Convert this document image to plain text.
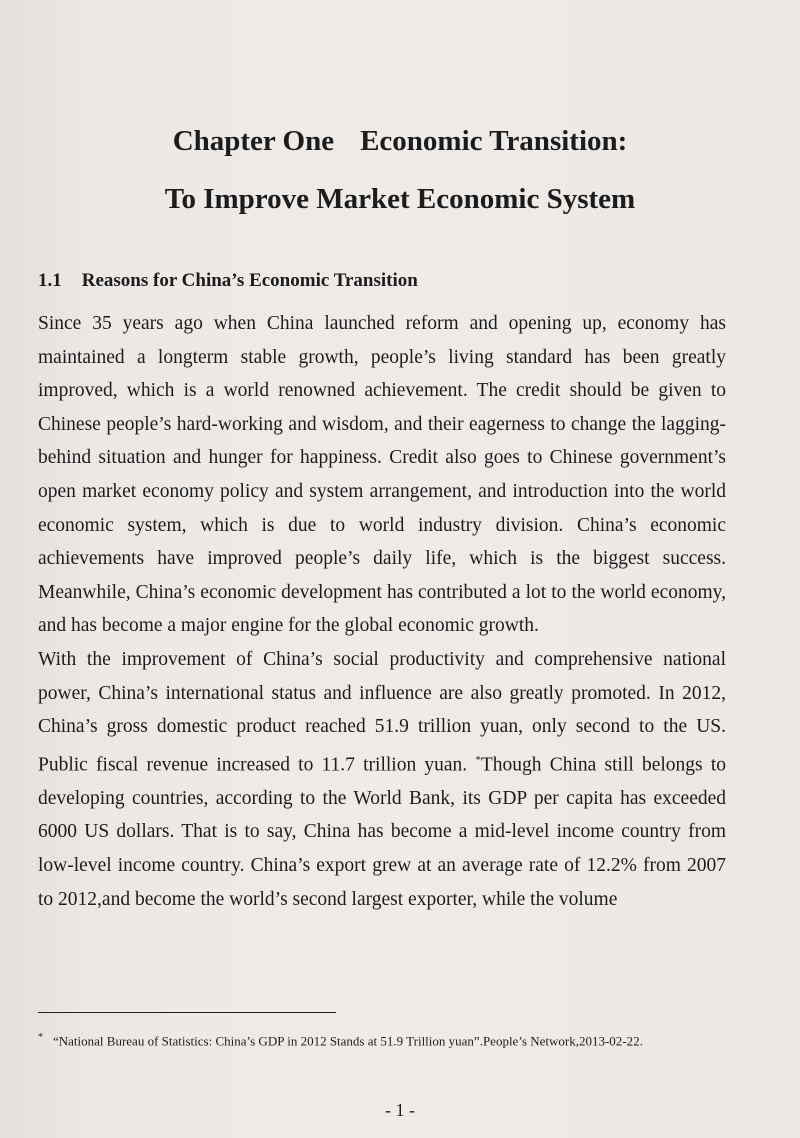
Chapter One Economic Transition:
To Improve Market Economic System
1.1 Reasons for China’s Economic Transition

Since 35 years ago when China launched reform and opening up, economy has maintained a longterm stable growth, people’s living standard has been greatly improved, which is a world renowned achievement. The credit should be given to Chinese people’s hard-working and wisdom, and their eagerness to change the lagging-behind situation and hunger for happiness. Credit also goes to Chinese government’s open market economy policy and system arrangement, and introduction into the world economic system, which is due to world industry division. China’s economic achievements have improved people’s daily life, which is the biggest success. Meanwhile, China’s economic development has contributed a lot to the world economy, and has become a major engine for the global economic growth.

With the improvement of China’s social productivity and comprehensive national power, China’s international status and influence are also greatly promoted. In 2012, China’s gross domestic product reached 51.9 trillion yuan, only second to the US. Public fiscal revenue increased to 11.7 trillion yuan. *Though China still belongs to developing countries, according to the World Bank, its GDP per capita has exceeded 6000 US dollars. That is to say, China has become a mid-level income country from low-level income country. China’s export grew at an average rate of 12.2% from 2007 to 2012,and become the world’s second largest exporter, while the volume

* “National Bureau of Statistics: China’s GDP in 2012 Stands at 51.9 Trillion yuan”.People’s Network,2013-02-22.
- 1 -
